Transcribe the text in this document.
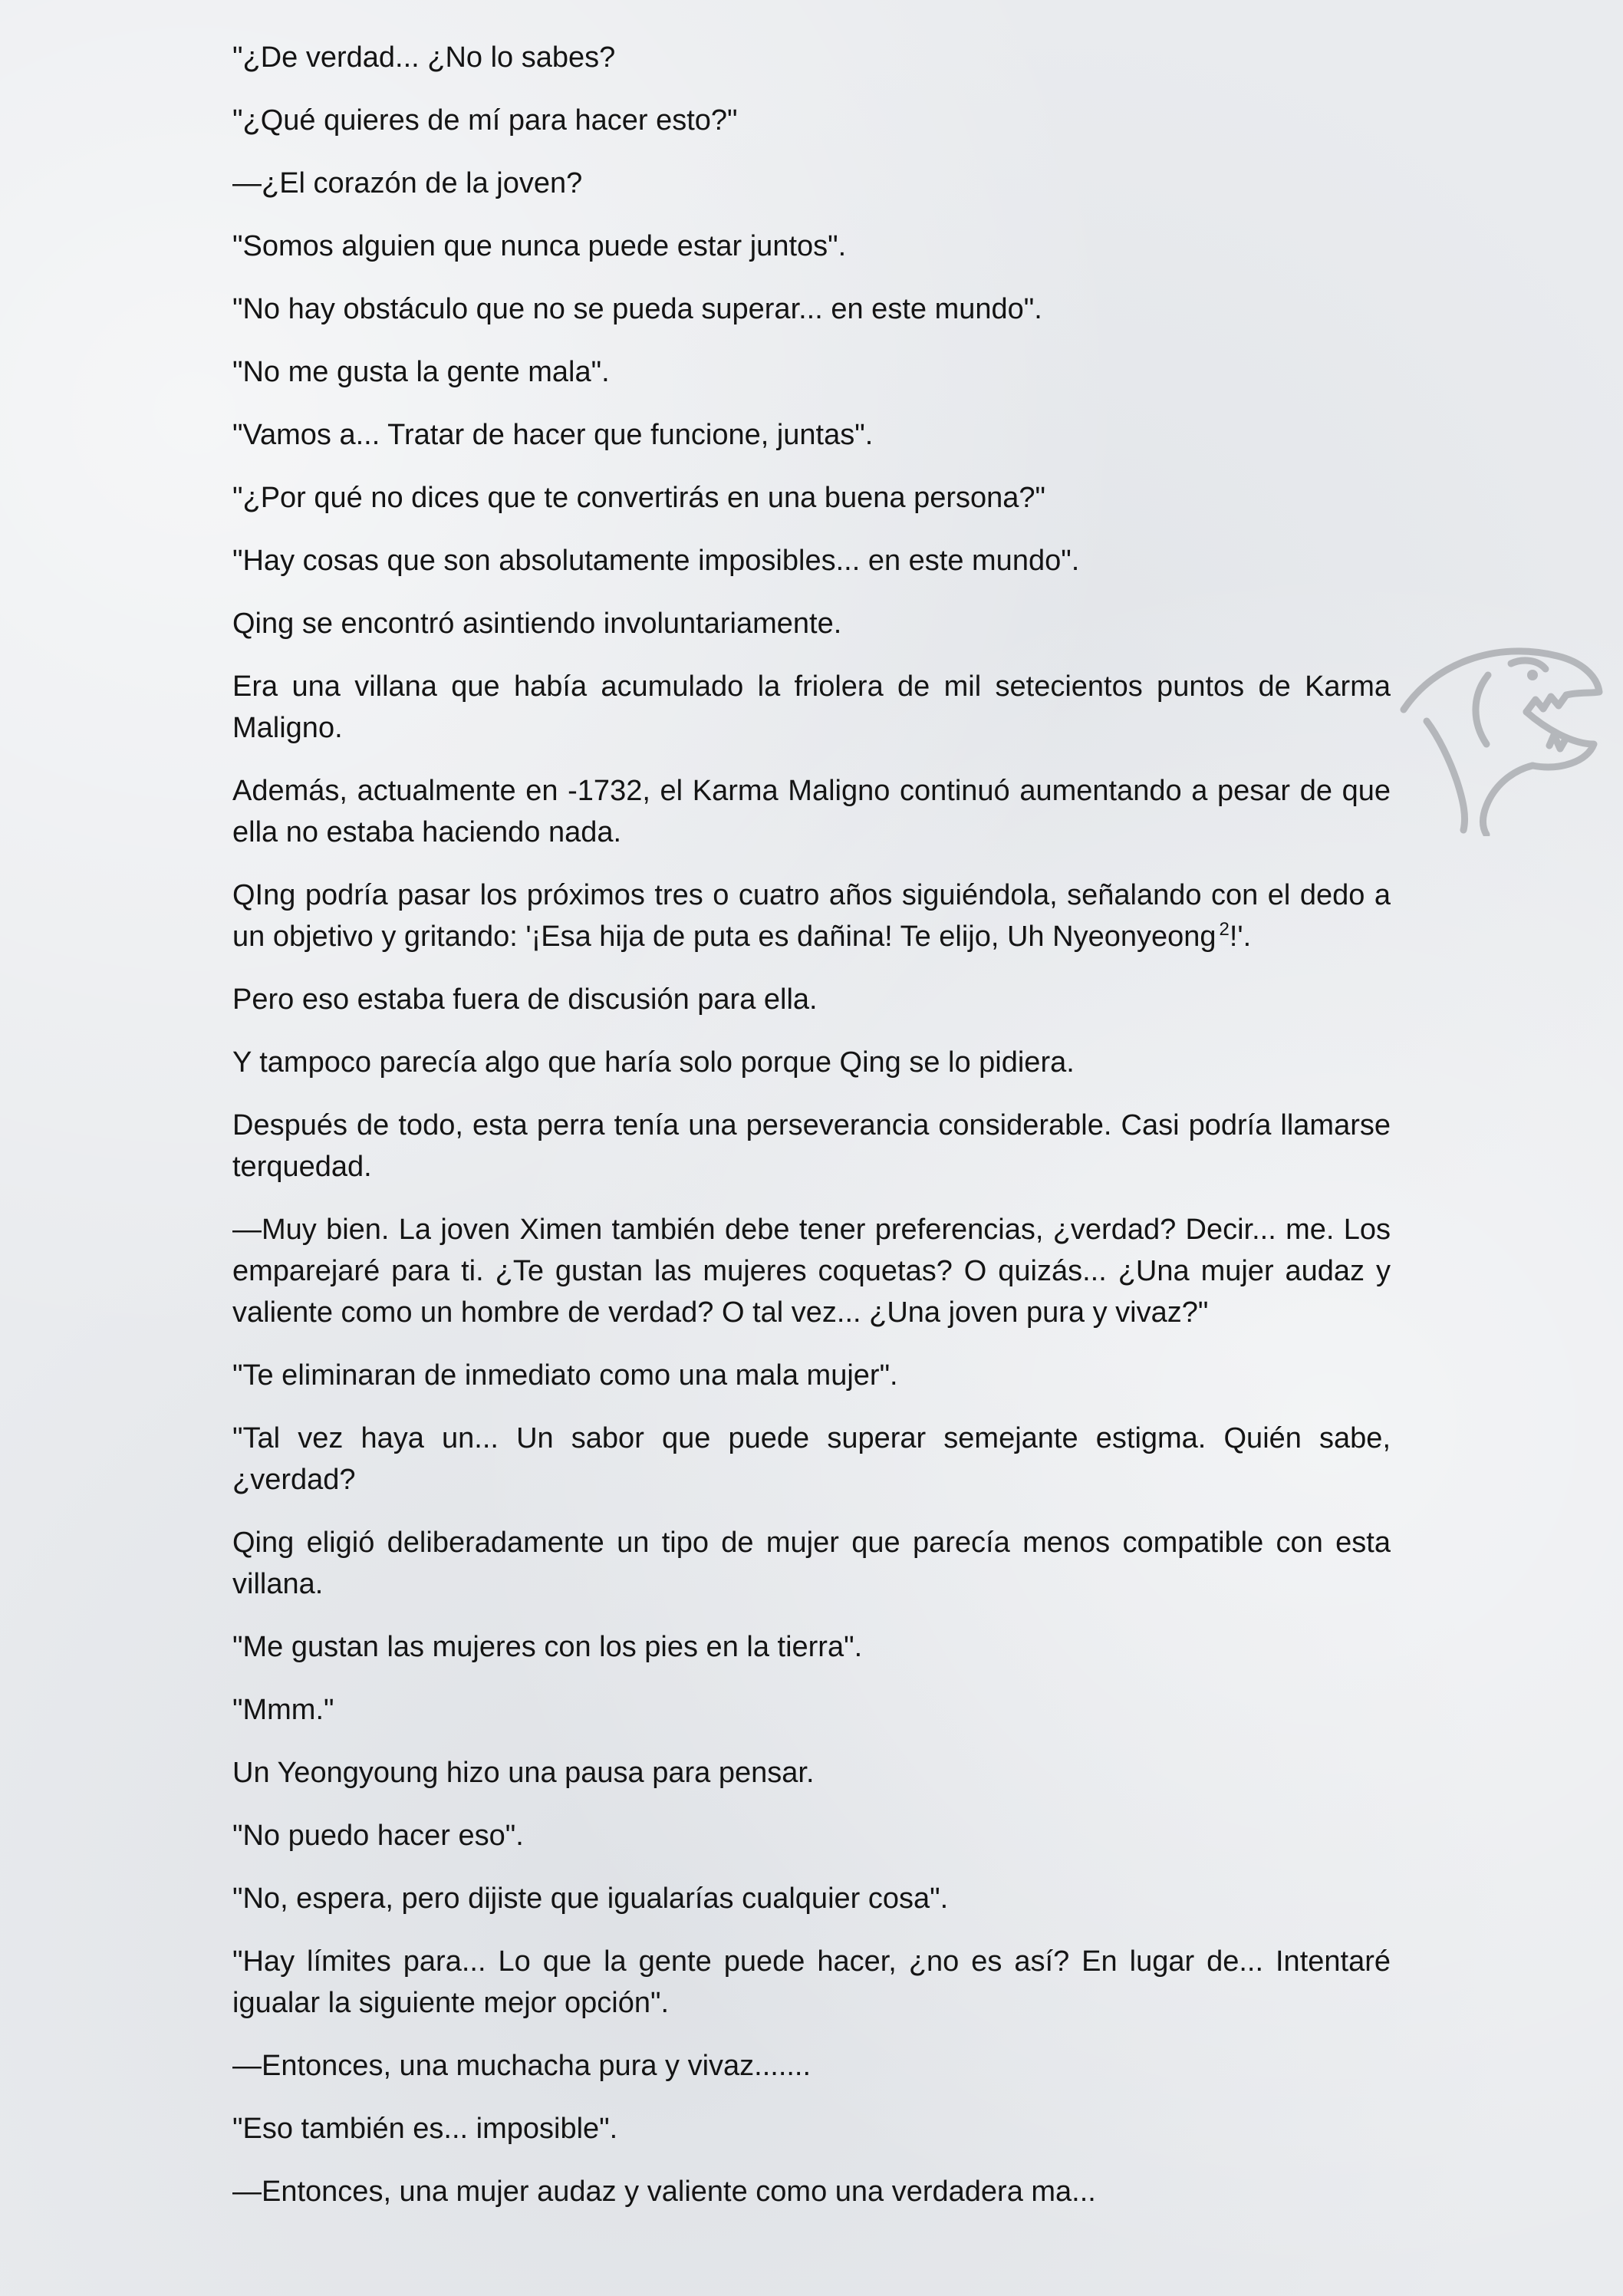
"¿De verdad... ¿No lo sabes?

"¿Qué quieres de mí para hacer esto?"

—¿El corazón de la joven?

"Somos alguien que nunca puede estar juntos".

"No hay obstáculo que no se pueda superar... en este mundo".

"No me gusta la gente mala".

"Vamos a... Tratar de hacer que funcione, juntas".

"¿Por qué no dices que te convertirás en una buena persona?"

"Hay cosas que son absolutamente imposibles... en este mundo".

Qing se encontró asintiendo involuntariamente.

Era una villana que había acumulado la friolera de mil setecientos puntos de Karma Maligno.

Además, actualmente en -1732, el Karma Maligno continuó aumentando a pesar de que ella no estaba haciendo nada.

QIng podría pasar los próximos tres o cuatro años siguiéndola, señalando con el dedo a un objetivo y gritando: '¡Esa hija de puta es dañina! Te elijo, Uh Nyeonyeong $^2$!'.

Pero eso estaba fuera de discusión para ella.

Y tampoco parecía algo que haría solo porque Qing se lo pidiera.

Después de todo, esta perra tenía una perseverancia considerable. Casi podría llamarse terquedad.

—Muy bien. La joven Ximen también debe tener preferencias, ¿verdad? Decir... me. Los emparejaré para ti. ¿Te gustan las mujeres coquetas? O quizás... ¿Una mujer audaz y valiente como un hombre de verdad? O tal vez... ¿Una joven pura y vivaz?"

"Te eliminaran de inmediato como una mala mujer".

"Tal vez haya un... Un sabor que puede superar semejante estigma. Quién sabe, ¿verdad?

Qing eligió deliberadamente un tipo de mujer que parecía menos compatible con esta villana.

"Me gustan las mujeres con los pies en la tierra".

"Mmm."

Un Yeongyoung hizo una pausa para pensar.

"No puedo hacer eso".

"No, espera, pero dijiste que igualarías cualquier cosa".

"Hay límites para... Lo que la gente puede hacer, ¿no es así? En lugar de... Intentaré igualar la siguiente mejor opción".

—Entonces, una muchacha pura y vivaz.......

"Eso también es... imposible".

—Entonces, una mujer audaz y valiente como una verdadera ma...
